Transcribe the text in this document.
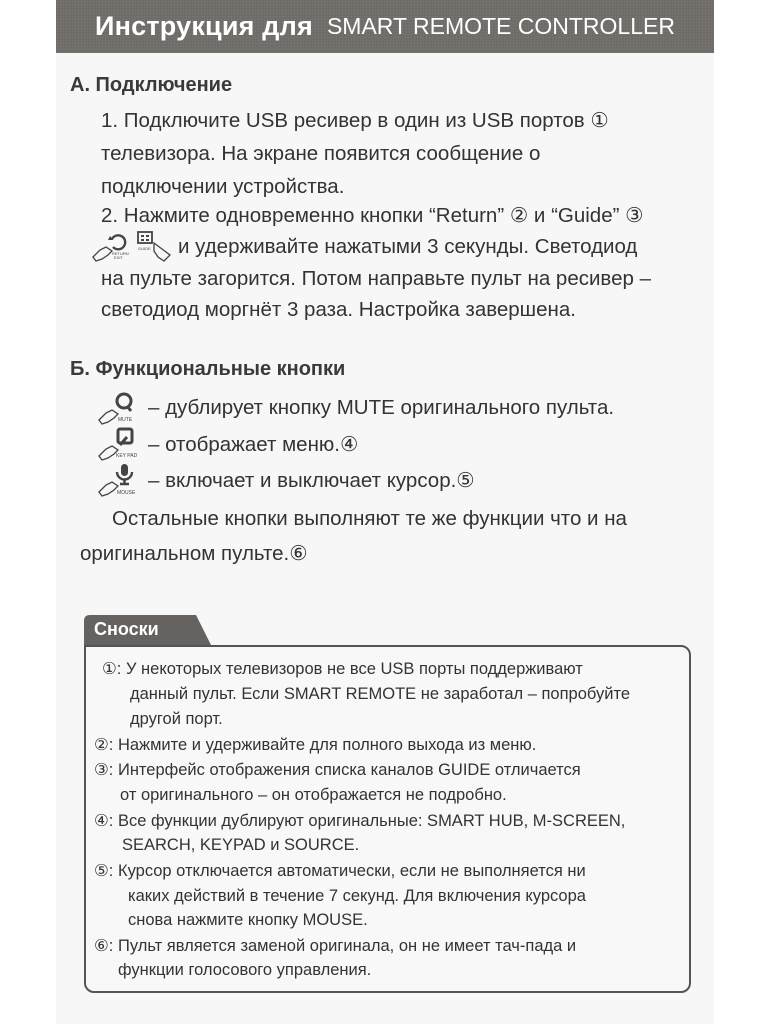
Инструкция для SMART REMOTE CONTROLLER
А. Подключение
1. Подключите USB ресивер в один из USB портов ①
телевизора. На экране появится сообщение о
подключении устройства.
2. Нажмите одновременно кнопки “Return” ② и “Guide” ③
RETURN
EXIT
GUIDE и удерживайте нажатыми 3 секунды. Светодиод
на пульте загорится. Потом направьте пульт на ресивер –
светодиод моргнёт 3 раза. Настройка завершена.
Б. Функциональные кнопки
MUTE
– дублирует кнопку MUTE оригинального пульта.
KEY PAD
– отображает меню.④
MOUSE
– включает и выключает курсор.⑤
Остальные кнопки выполняют те же функции что и на
оригинальном пульте.⑥
Сноски
①: У некоторых телевизоров не все USB порты поддерживают
данный пульт. Если SMART REMOTE не заработал – попробуйте
другой порт.
②: Нажмите и удерживайте для полного выхода из меню.
③: Интерфейс отображения списка каналов GUIDE отличается
от оригинального – он отображается не подробно.
④: Все функции дублируют оригинальные: SMART HUB, M-SCREEN,
SEARCH, KEYPAD и SOURCE.
⑤: Курсор отключается автоматически, если не выполняется ни
каких действий в течение 7 секунд. Для включения курсора
снова нажмите кнопку MOUSE.
⑥: Пульт является заменой оригинала, он не имеет тач-пада и
функции голосового управления.
